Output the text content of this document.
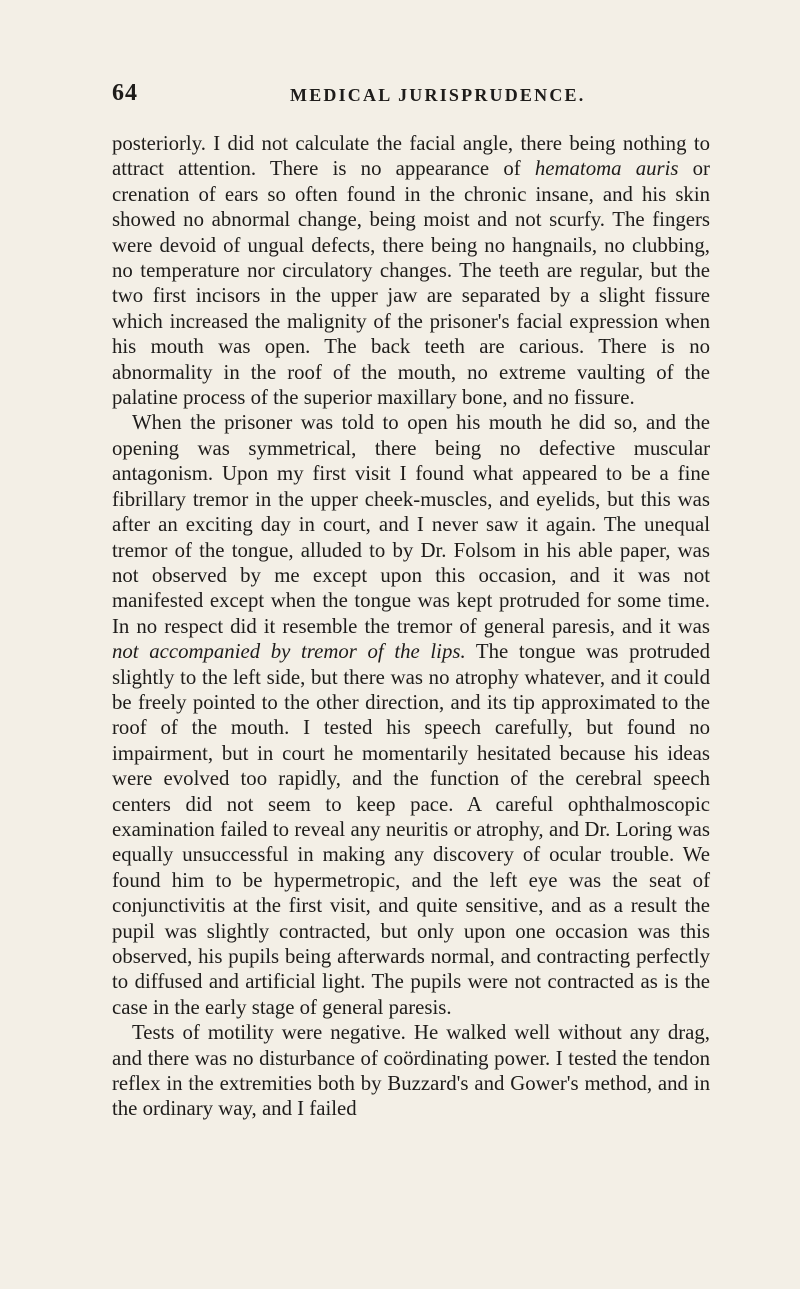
64	MEDICAL JURISPRUDENCE.

posteriorly. I did not calculate the facial angle, there being nothing to attract attention. There is no appearance of hematoma auris or crenation of ears so often found in the chronic insane, and his skin showed no abnormal change, being moist and not scurfy. The fingers were devoid of ungual defects, there being no hangnails, no clubbing, no temperature nor circulatory changes. The teeth are regular, but the two first incisors in the upper jaw are separated by a slight fissure which increased the malignity of the prisoner's facial expression when his mouth was open. The back teeth are carious. There is no abnormality in the roof of the mouth, no extreme vaulting of the palatine process of the superior maxillary bone, and no fissure.

When the prisoner was told to open his mouth he did so, and the opening was symmetrical, there being no defective muscular antagonism. Upon my first visit I found what appeared to be a fine fibrillary tremor in the upper cheek-muscles, and eyelids, but this was after an exciting day in court, and I never saw it again. The unequal tremor of the tongue, alluded to by Dr. Folsom in his able paper, was not observed by me except upon this occasion, and it was not manifested except when the tongue was kept protruded for some time. In no respect did it resemble the tremor of general paresis, and it was not accompanied by tremor of the lips. The tongue was protruded slightly to the left side, but there was no atrophy whatever, and it could be freely pointed to the other direction, and its tip approximated to the roof of the mouth. I tested his speech carefully, but found no impairment, but in court he momentarily hesitated because his ideas were evolved too rapidly, and the function of the cerebral speech centers did not seem to keep pace. A careful ophthalmoscopic examination failed to reveal any neuritis or atrophy, and Dr. Loring was equally unsuccessful in making any discovery of ocular trouble. We found him to be hypermetropic, and the left eye was the seat of conjunctivitis at the first visit, and quite sensitive, and as a result the pupil was slightly contracted, but only upon one occasion was this observed, his pupils being afterwards normal, and contracting perfectly to diffused and artificial light. The pupils were not contracted as is the case in the early stage of general paresis.

Tests of motility were negative. He walked well without any drag, and there was no disturbance of coördinating power. I tested the tendon reflex in the extremities both by Buzzard's and Gower's method, and in the ordinary way, and I failed
